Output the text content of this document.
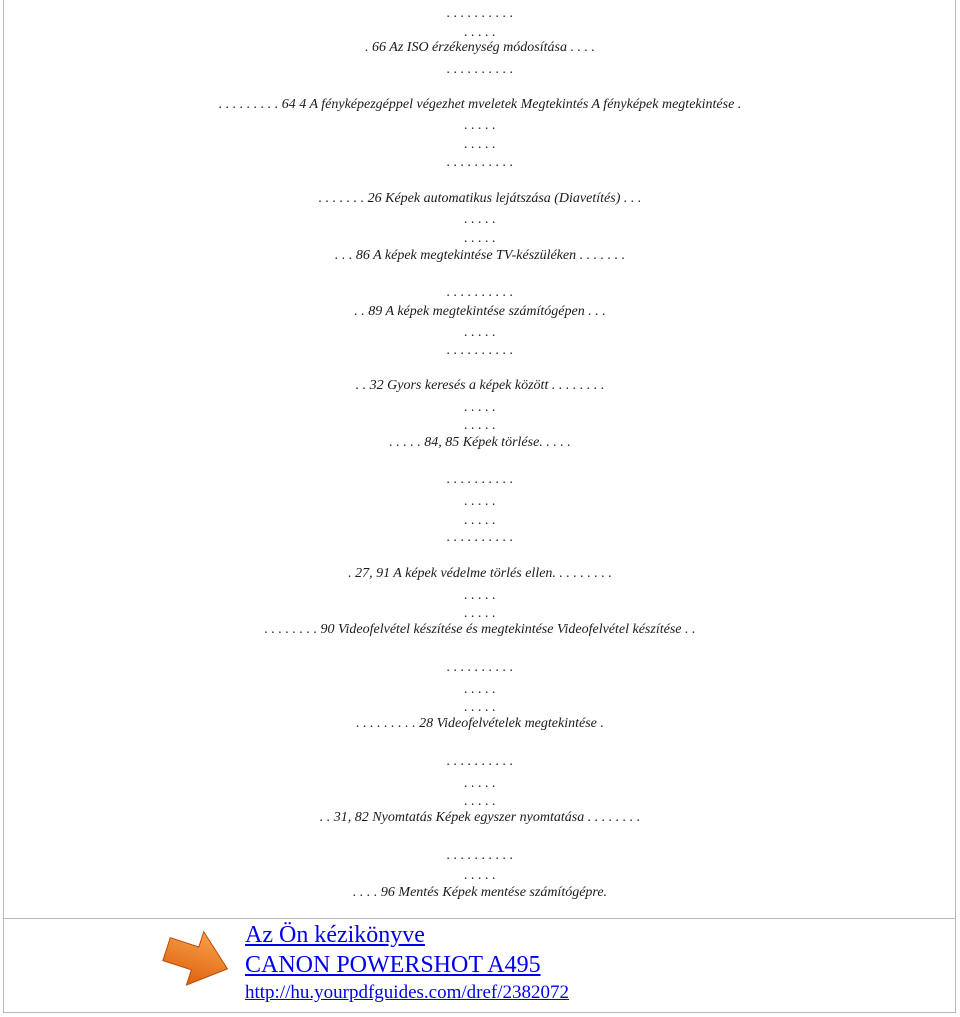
. . . . . . . . . .
. . . . .
. 66 Az ISO érzékenység módosítása . . . .
. . . . . . . . . .
. . . . . . . . . 64 4 A fényképezgéppel végezhet mveletek Megtekintés A fényképek megtekintése .
. . . . .
. . . . .
. . . . . . . . . .
. . . . . . . 26 Képek automatikus lejátszása (Diavetítés) . . .
. . . . .
. . . . .
. . . 86 A képek megtekintése TV-készüléken . . . . . . .
. . . . . . . . . .
. . 89 A képek megtekintése számítógépen . . .
. . . . .
. . . . . . . . . .
. . 32 Gyors keresés a képek között . . . . . . . .
. . . . .
. . . . .
. . . . . 84, 85 Képek törlése. . . . .
. . . . . . . . . .
. . . . .
. . . . .
. . . . . . . . . .
. 27, 91 A képek védelme törlés ellen. . . . . . . . .
. . . . .
. . . . .
. . . . . . . . 90 Videofelvétel készítése és megtekintése Videofelvétel készítése . .
. . . . . . . . . .
. . . . .
. . . . .
. . . . . . . . . 28 Videofelvételek megtekintése .
. . . . . . . . . .
. . . . .
. . . . .
. . 31, 82 Nyomtatás Képek egyszer nyomtatása . . . . . . . .
. . . . . . . . . .
. . . . .
. . . . 96 Mentés Képek mentése számítógépre.
Az Ön kézikönyve
CANON POWERSHOT A495
http://hu.yourpdfguides.com/dref/2382072
